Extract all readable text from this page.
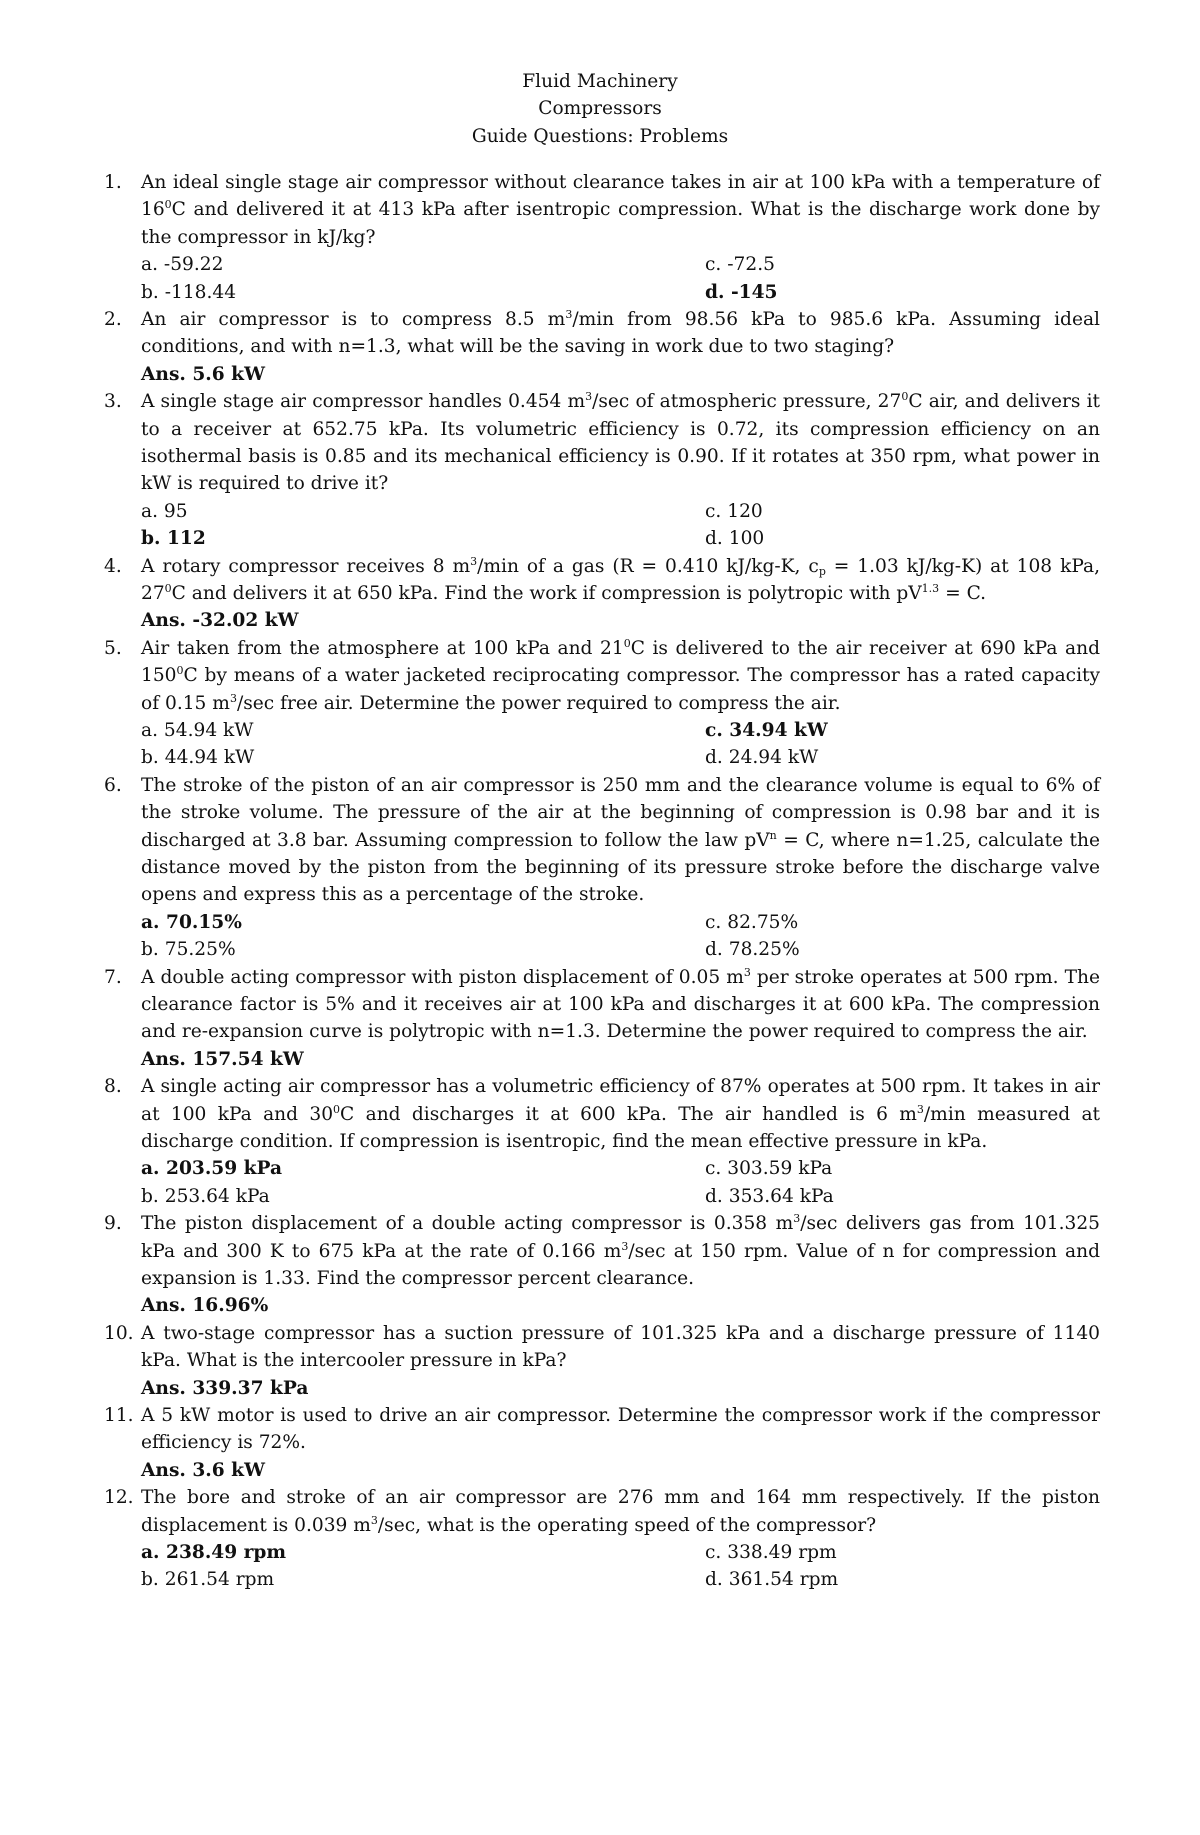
Fluid Machinery
Compressors
Guide Questions: Problems
1.	An ideal single stage air compressor without clearance takes in air at 100 kPa with a temperature of $16^0C$ and delivered it at 413 kPa after isentropic compression. What is the discharge work done by the compressor in kJ/kg?
a. -59.22	c. -72.5
b. -118.44	d. -145
2.	An air compressor is to compress 8.5 $m^3/\min$ from 98.56 kPa to 985.6 kPa. Assuming ideal conditions, and with n=1.3, what will be the saving in work due to two staging?
Ans. 5.6 kW
3.	A single stage air compressor handles 0.454 $m^3/\sec$ of atmospheric pressure, $27^0C$ air, and delivers it to a receiver at 652.75 kPa. Its volumetric efficiency is 0.72, its compression efficiency on an isothermal basis is 0.85 and its mechanical efficiency is 0.90. If it rotates at 350 rpm, what power in kW is required to drive it?
a. 95	c. 120
b. 112	d. 100
4.	A rotary compressor receives 8 $m^3/\min$ of a gas (R = 0.410 kJ/kg-K, $c_p = 1.03$ kJ/kg-K) at 108 kPa, $27^0C$ and delivers it at 650 kPa. Find the work if compression is polytropic with $pV^{1.3} = C$.
Ans. -32.02 kW
5.	Air taken from the atmosphere at 100 kPa and $21^0C$ is delivered to the air receiver at 690 kPa and $150^0C$ by means of a water jacketed reciprocating compressor. The compressor has a rated capacity of 0.15 $m^3/\sec$ free air. Determine the power required to compress the air.
a. 54.94 kW	c. 34.94 kW
b. 44.94 kW	d. 24.94 kW
6.	The stroke of the piston of an air compressor is 250 mm and the clearance volume is equal to 6% of the stroke volume. The pressure of the air at the beginning of compression is 0.98 bar and it is discharged at 3.8 bar. Assuming compression to follow the law $pV^n = C$, where n=1.25, calculate the distance moved by the piston from the beginning of its pressure stroke before the discharge valve opens and express this as a percentage of the stroke.
a. 70.15%	c. 82.75%
b. 75.25%	d. 78.25%
7.	A double acting compressor with piston displacement of 0.05 $m^3$ per stroke operates at 500 rpm. The clearance factor is 5% and it receives air at 100 kPa and discharges it at 600 kPa. The compression and re-expansion curve is polytropic with n=1.3. Determine the power required to compress the air.
Ans. 157.54 kW
8.	A single acting air compressor has a volumetric efficiency of 87% operates at 500 rpm. It takes in air at 100 kPa and $30^0C$ and discharges it at 600 kPa. The air handled is 6 $m^3/\min$ measured at discharge condition. If compression is isentropic, find the mean effective pressure in kPa.
a. 203.59 kPa	c. 303.59 kPa
b. 253.64 kPa	d. 353.64 kPa
9.	The piston displacement of a double acting compressor is 0.358 $m^3/\sec$ delivers gas from 101.325 kPa and 300 K to 675 kPa at the rate of 0.166 $m^3/\sec$ at 150 rpm. Value of n for compression and expansion is 1.33. Find the compressor percent clearance.
Ans. 16.96%
10. A two-stage compressor has a suction pressure of 101.325 kPa and a discharge pressure of 1140 kPa. What is the intercooler pressure in kPa?
Ans. 339.37 kPa
11. A 5 kW motor is used to drive an air compressor. Determine the compressor work if the compressor efficiency is 72%.
Ans. 3.6 kW
12. The bore and stroke of an air compressor are 276 mm and 164 mm respectively. If the piston displacement is 0.039 $m^3/\sec$, what is the operating speed of the compressor?
a. 238.49 rpm	c. 338.49 rpm
b. 261.54 rpm	d. 361.54 rpm
